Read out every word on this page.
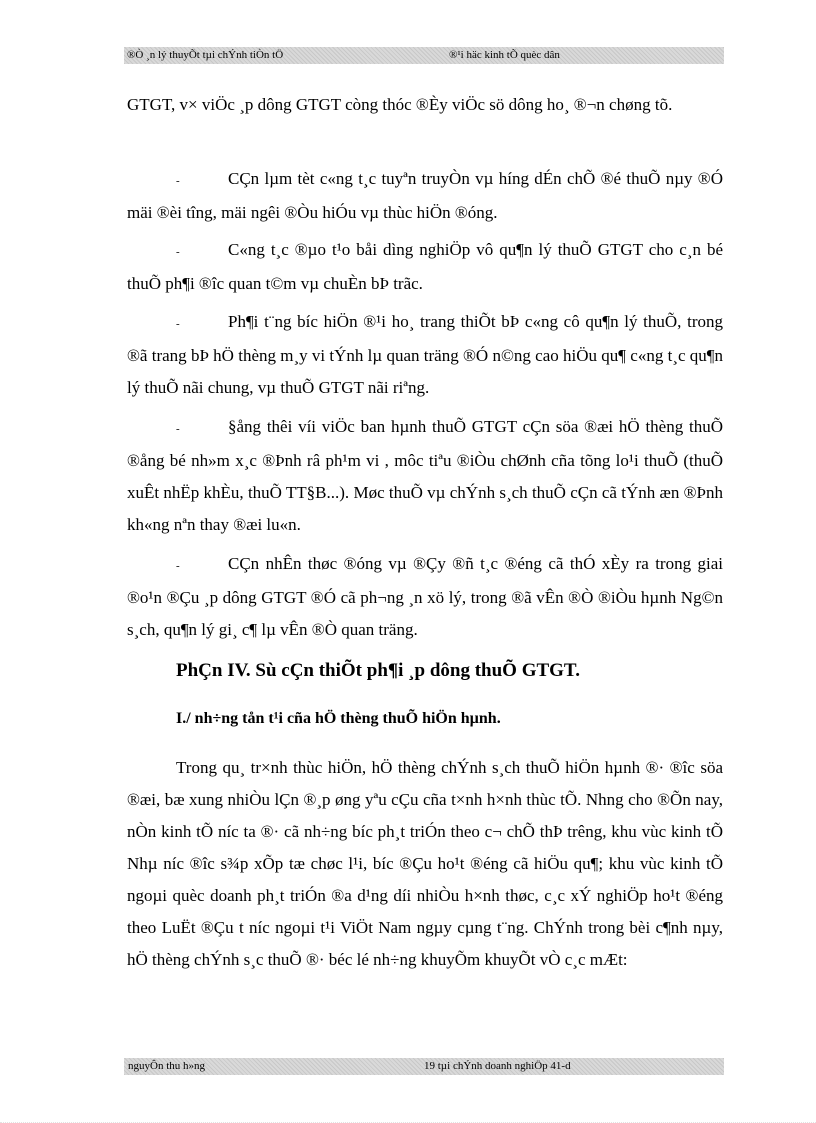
®Ò ¸n lý thuyÕt tµi chÝnh tiÒn tÖ	®¹i häc kinh tÕ quèc dân
GTGT, v× viÖc ¸p dông GTGT còng thóc ®Èy viÖc sö dông ho¸ ®¬n chøng tõ.
-	CÇn lµm tèt c«ng t¸c tuyªn truyÒn vµ híng dÉn chÕ ®é thuÕ nµy ®Ó mäi ®èi tîng, mäi ngêi ®Òu hiÓu vµ thùc hiÖn ®óng.
-	C«ng t¸c ®µo t¹o båi dìng nghiÖp vô qu¶n lý thuÕ GTGT cho c¸n bé thuÕ ph¶i ®îc quan t©m vµ chuÈn bÞ trãc.
-	Ph¶i t¨ng bíc hiÖn ®¹i ho¸ trang thiÕt bÞ c«ng cô qu¶n lý thuÕ, trong ®ã trang bÞ hÖ thèng m¸y vi tÝnh lµ quan träng ®Ó n©ng cao hiÖu qu¶ c«ng t¸c qu¶n lý thuÕ nãi chung, vµ thuÕ GTGT nãi riªng.
-	§ång thêi víi viÖc ban hµnh thuÕ GTGT cÇn söa ®æi hÖ thèng thuÕ ®ång bé nh»m x¸c ®Þnh râ ph¹m vi , môc tiªu ®iÒu chØnh cña tõng lo¹i thuÕ (thuÕ xuÊt nhËp khÈu, thuÕ TT§B...). Møc thuÕ vµ chÝnh s¸ch thuÕ cÇn cã tÝnh æn ®Þnh kh«ng nªn thay ®æi lu«n.
-	CÇn nhÊn thøc ®óng vµ ®Çy ®ñ t¸c ®éng cã thÓ xÈy ra trong giai ®o¹n ®Çu ¸p dông GTGT ®Ó cã ph¬ng ¸n xö lý, trong ®ã vÊn ®Ò ®iÒu hµnh Ng©n s¸ch, qu¶n lý gi¸ c¶ lµ vÊn ®Ò quan träng.
PhÇn IV. Sù cÇn thiÕt ph¶i ¸p dông thuÕ GTGT.
I./ nh÷ng tån t¹i cña hÖ thèng thuÕ hiÖn hµnh.
Trong qu¸ tr×nh thùc hiÖn, hÖ thèng chÝnh s¸ch thuÕ hiÖn hµnh ®· ®îc söa ®æi, bæ xung nhiÒu lÇn ®¸p øng yªu cÇu cña t×nh h×nh thùc tÕ. Nhng cho ®Õn nay, nÒn kinh tÕ níc ta ®· cã nh÷ng bíc ph¸t triÓn theo c¬ chÕ thÞ trêng, khu vùc kinh tÕ Nhµ níc ®îc s¾p xÕp tæ chøc l¹i, bíc ®Çu ho¹t ®éng cã hiÖu qu¶; khu vùc kinh tÕ ngoµi quèc doanh ph¸t triÓn ®a d¹ng díi nhiÒu h×nh thøc, c¸c xÝ nghiÖp ho¹t ®éng theo LuËt ®Çu t níc ngoµi t¹i ViÖt Nam ngµy cµng t¨ng. ChÝnh trong bèi c¶nh nµy, hÖ thèng chÝnh s¸c thuÕ ®· béc lé nh÷ng khuyÕm khuyÕt vÒ c¸c mÆt:
nguyÔn thu h»ng	19 tµi chÝnh doanh nghiÖp 41-d
